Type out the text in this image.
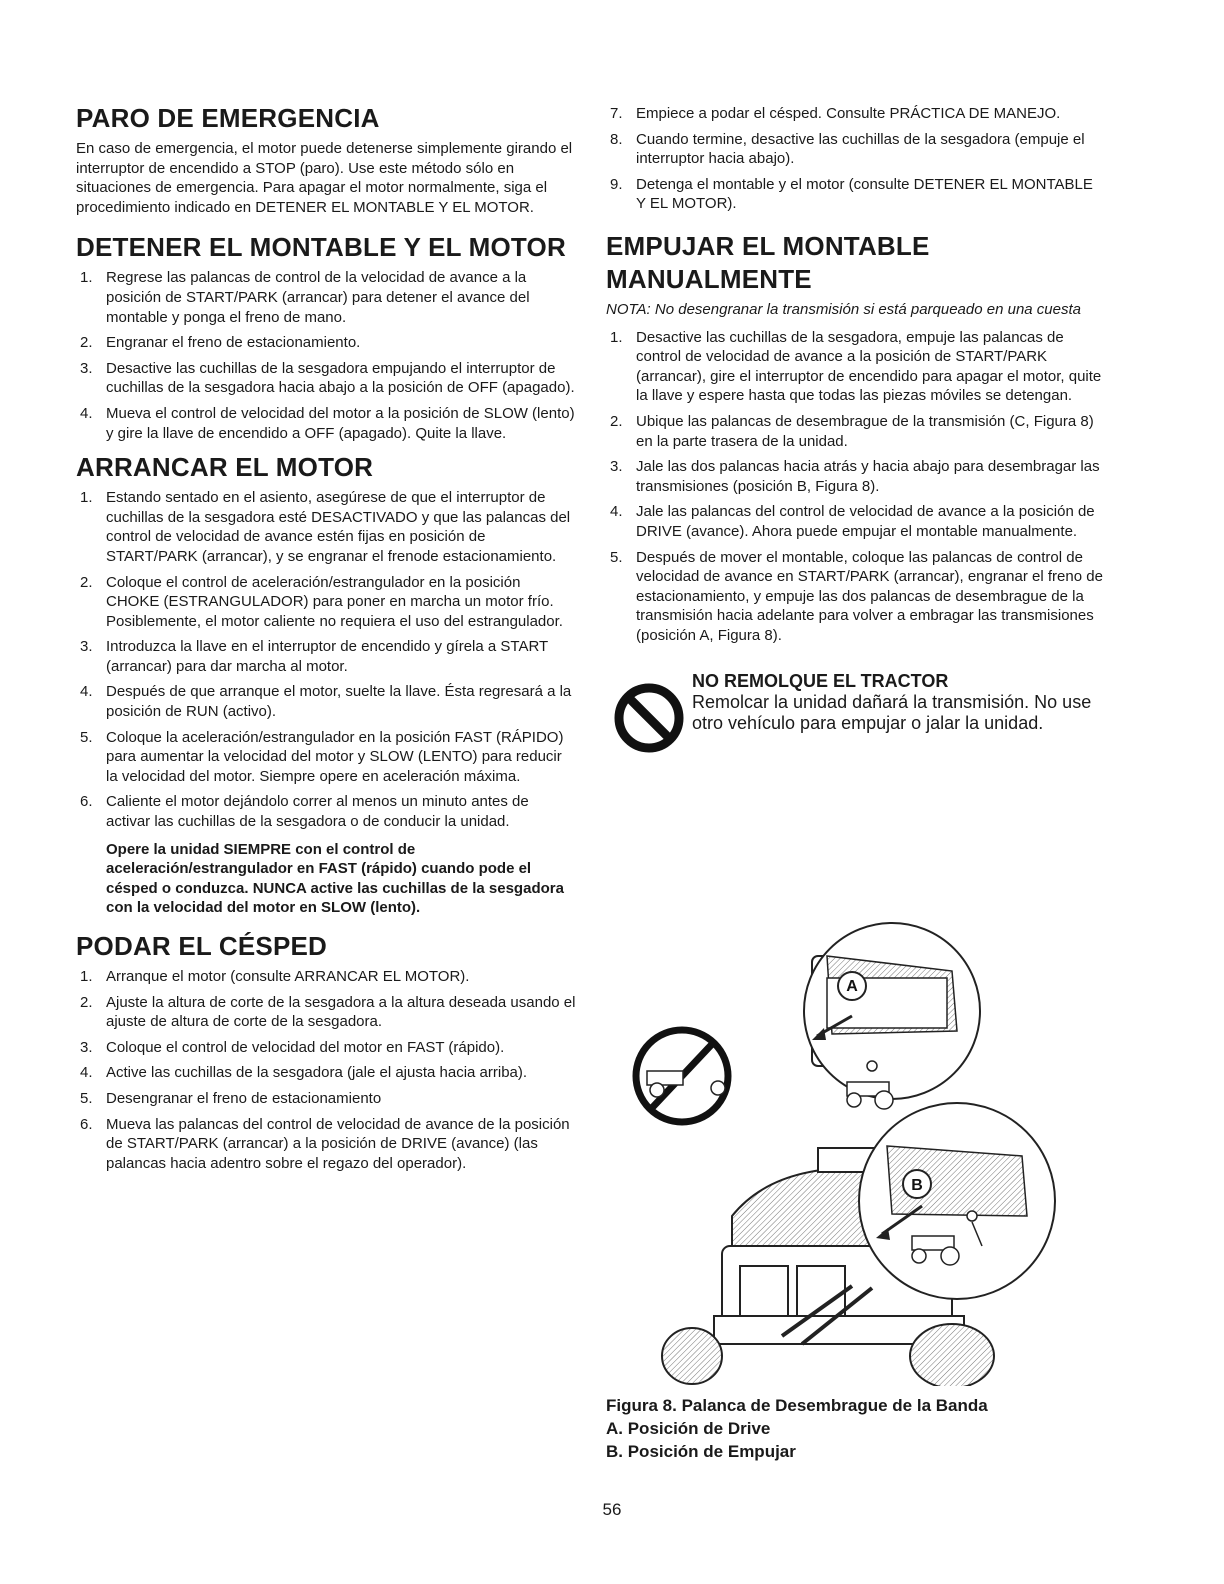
PARO DE EMERGENCIA

En caso de emergencia, el motor puede detenerse simplemente girando el interruptor de encendido a STOP (paro). Use este método sólo en situaciones de emergencia. Para apagar el motor normalmente, siga el procedimiento indicado en DETENER EL MONTABLE Y EL MOTOR.

DETENER EL MONTABLE Y EL MOTOR
1. Regrese las palancas de control de la velocidad de avance a la posición de START/PARK (arrancar) para detener el avance del montable y ponga el freno de mano.
2. Engranar el freno de estacionamiento.
3. Desactive las cuchillas de la sesgadora empujando el interruptor de cuchillas de la sesgadora hacia abajo a la posición de OFF (apagado).
4. Mueva el control de velocidad del motor a la posición de SLOW (lento) y gire la llave de encendido a OFF (apagado). Quite la llave.
ARRANCAR EL MOTOR
1. Estando sentado en el asiento, asegúrese de que el interruptor de cuchillas de la sesgadora esté DESACTIVADO y que las palancas del control de velocidad de avance estén fijas en posición de START/PARK (arrancar), y se engranar el frenode estacionamiento.
2. Coloque el control de aceleración/estrangulador en la posición CHOKE (ESTRANGULADOR) para poner en marcha un motor frío. Posiblemente, el motor caliente no requiera el uso del estrangulador.
3. Introduzca la llave en el interruptor de encendido y gírela a START (arrancar) para dar marcha al motor.
4. Después de que arranque el motor, suelte la llave. Ésta regresará a la posición de RUN (activo).
5. Coloque la aceleración/estrangulador en la posición FAST (RÁPIDO) para aumentar la velocidad del motor y SLOW (LENTO) para reducir la velocidad del motor. Siempre opere en aceleración máxima.
6. Caliente el motor dejándolo correr al menos un minuto antes de activar las cuchillas de la sesgadora o de conducir la unidad.

Opere la unidad SIEMPRE con el control de aceleración/estrangulador en FAST (rápido) cuando pode el césped o conduzca. NUNCA active las cuchillas de la sesgadora con la velocidad del motor en SLOW (lento).

PODAR EL CÉSPED
1. Arranque el motor (consulte ARRANCAR EL MOTOR).
2. Ajuste la altura de corte de la sesgadora a la altura deseada usando el ajuste de altura de corte de la sesgadora.
3. Coloque el control de velocidad del motor en FAST (rápido).
4. Active las cuchillas de la sesgadora (jale el ajusta hacia arriba).
5. Desengranar el freno de estacionamiento
6. Mueva las palancas del control de velocidad de avance de la posición de START/PARK (arrancar) a la posición de DRIVE (avance) (las palancas hacia adentro sobre el regazo del operador).
7. Empiece a podar el césped. Consulte PRÁCTICA DE MANEJO.
8. Cuando termine, desactive las cuchillas de la sesgadora (empuje el interruptor hacia abajo).
9. Detenga el montable y el motor (consulte DETENER EL MONTABLE Y EL MOTOR).
EMPUJAR EL MONTABLE MANUALMENTE

NOTA: No desengranar la transmisión si está parqueado en una cuesta

1. Desactive las cuchillas de la sesgadora, empuje las palancas de control de velocidad de avance a la posición de START/PARK (arrancar), gire el interruptor de encendido para apagar el motor, quite la llave y espere hasta que todas las piezas móviles se detengan.
2. Ubique las palancas de desembrague de la transmisión (C, Figura 8) en la parte trasera de la unidad.
3. Jale las dos palancas hacia atrás y hacia abajo para desembragar las transmisiones (posición B, Figura 8).
4. Jale las palancas del control de velocidad de avance a la posición de DRIVE (avance). Ahora puede empujar el montable manualmente.
5. Después de mover el montable, coloque las palancas de control de velocidad de avance en START/PARK (arrancar), engranar el freno de estacionamiento, y empuje las dos palancas de desembrague de la transmisión hacia adelante para volver a embragar las transmisiones (posición A, Figura 8).

NO REMOLQUE EL TRACTOR

Remolcar la unidad dañará la transmisión. No use otro vehículo para empujar o jalar la unidad.

A
B
Figura 8. Palanca de Desembrague de la Banda
A. Posición de Drive
B. Posición de Empujar
56
